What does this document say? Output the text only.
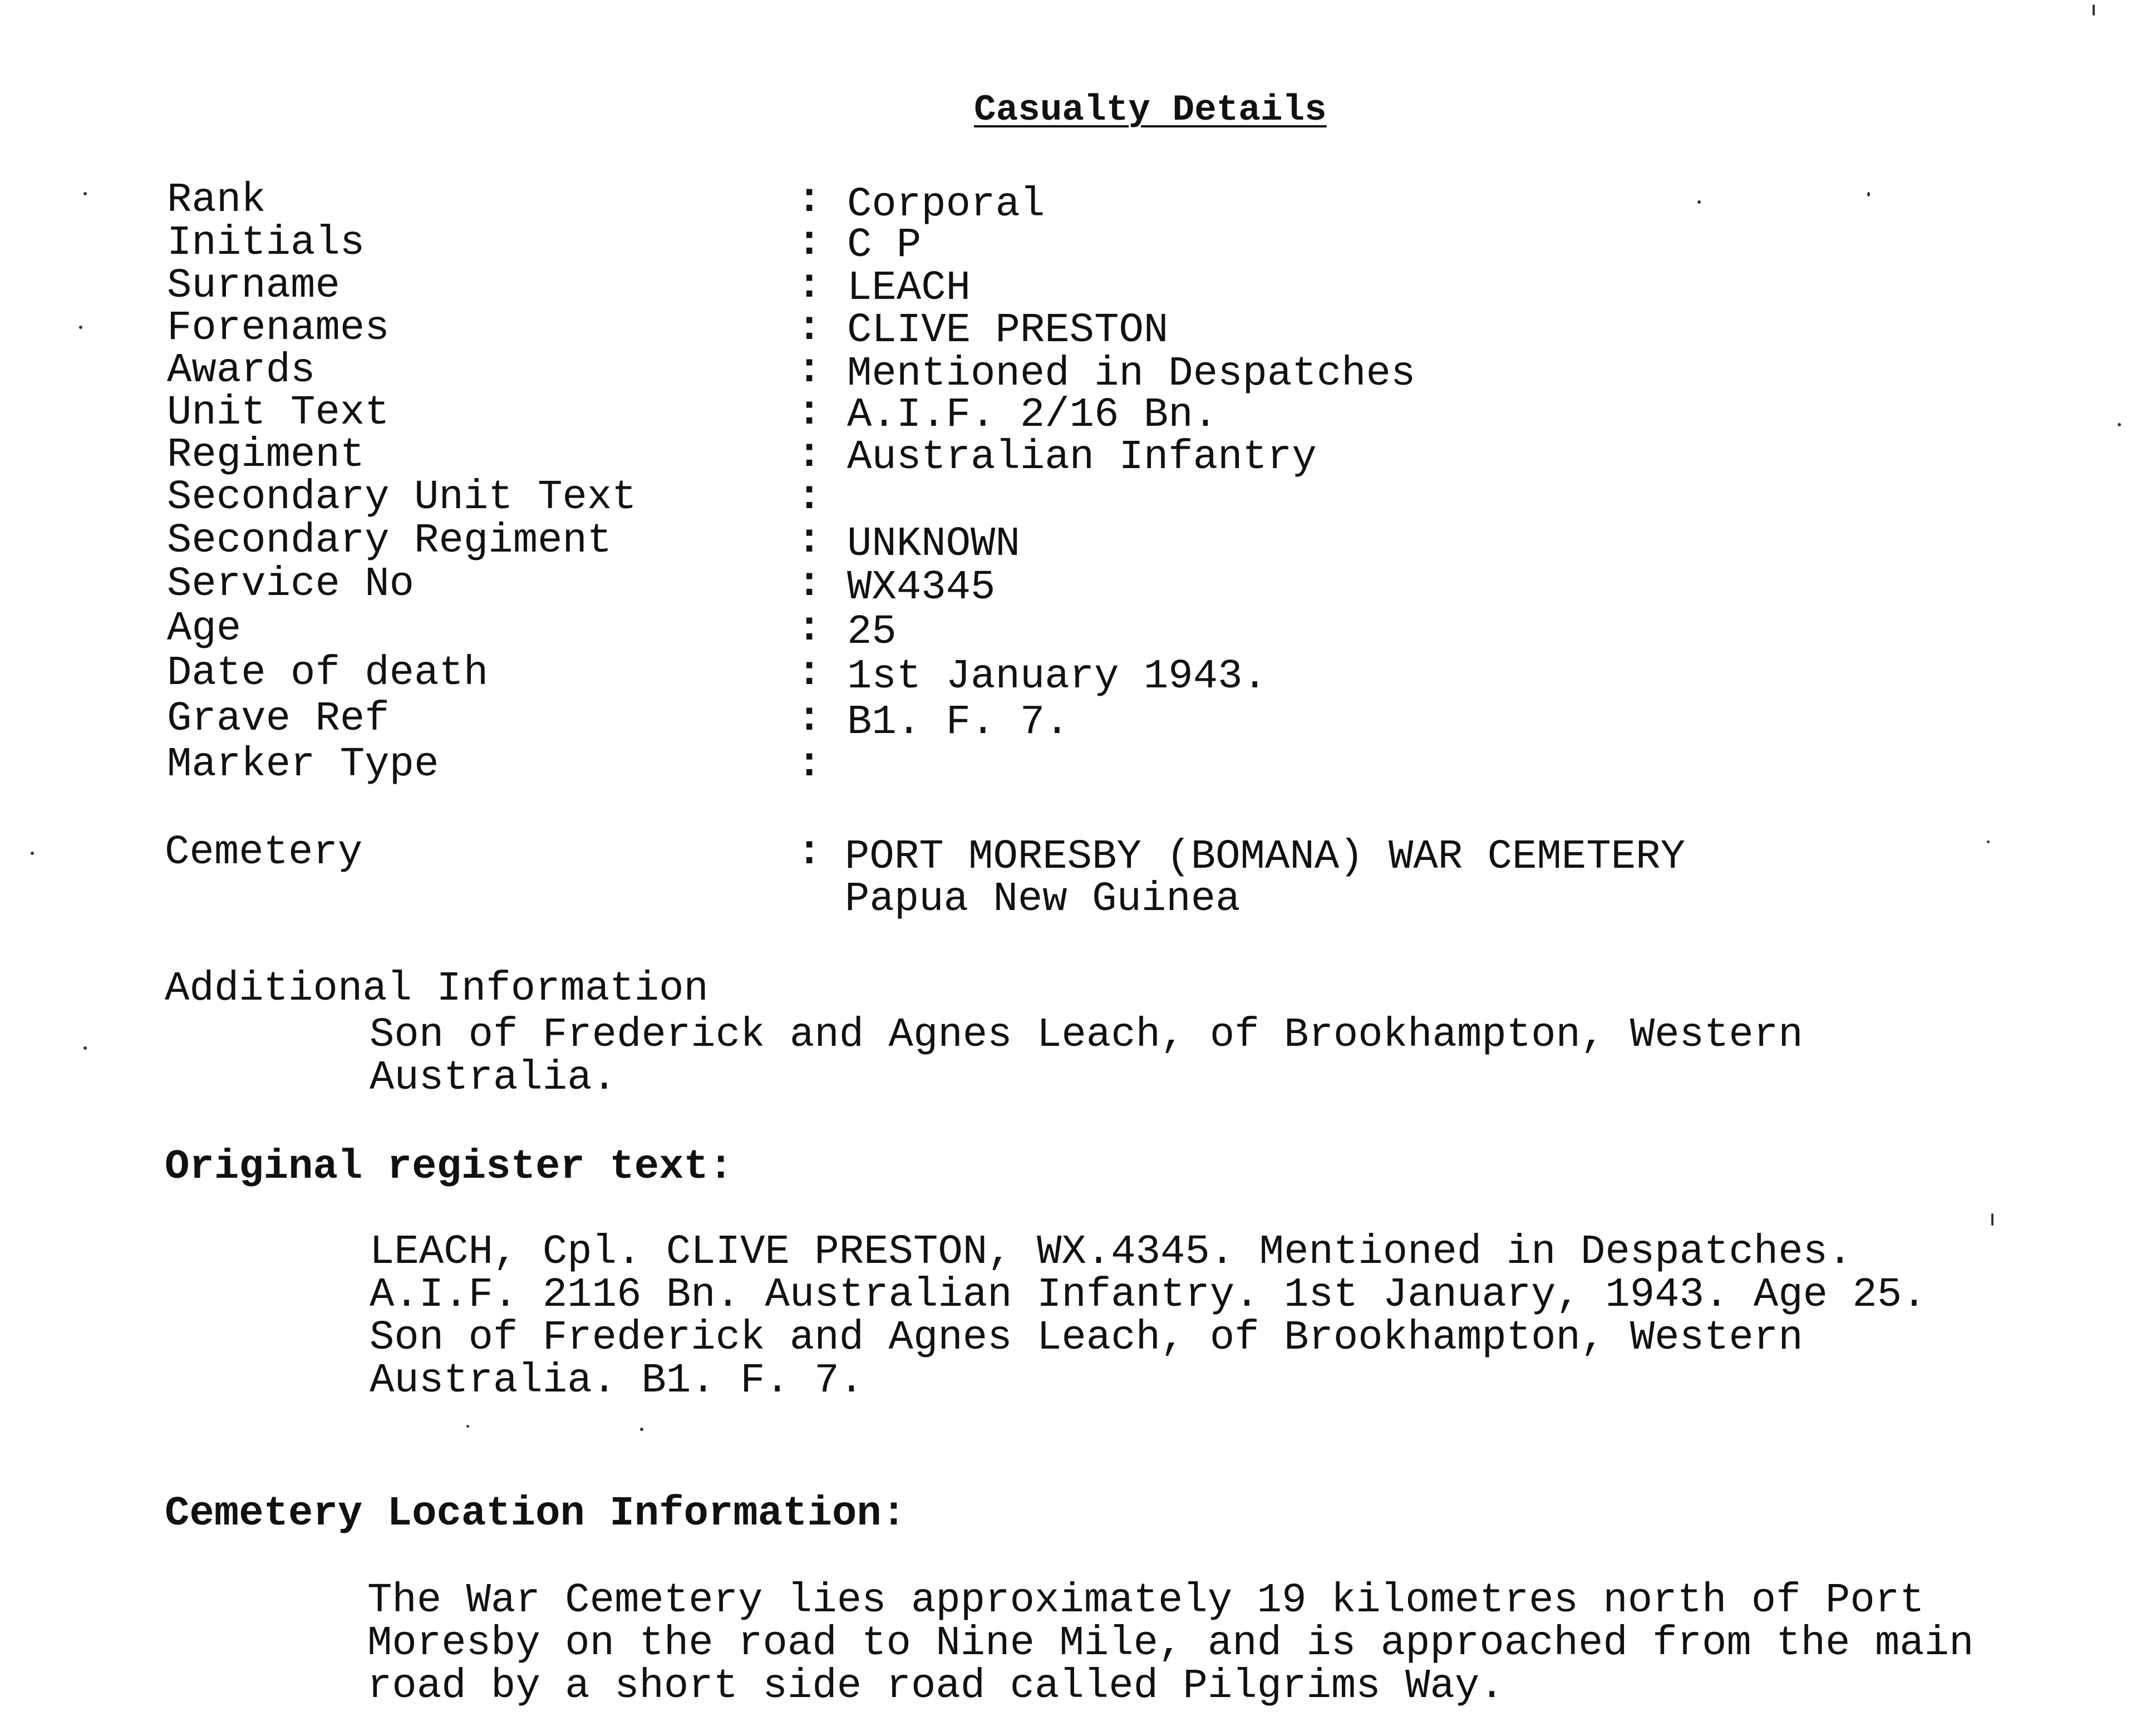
Casualty Details
Rank	: Corporal
Initials	: C P
Surname	: LEACH
Forenames	: CLIVE PRESTON
Awards	: Mentioned in Despatches
Unit Text	: A.I.F. 2/16 Bn.
Regiment	: Australian Infantry
Secondary Unit Text	:
Secondary Regiment	: UNKNOWN
Service No	: WX4345
Age	: 25
Date of death	: 1st January 1943.
Grave Ref	: B1. F. 7.
Marker Type	:
Cemetery	: PORT MORESBY (BOMANA) WAR CEMETERY
Papua New Guinea
Additional Information
Son of Frederick and Agnes Leach, of Brookhampton, Western
Australia.
Original register text:
LEACH, Cpl. CLIVE PRESTON, WX.4345. Mentioned in Despatches.
A.I.F. 2116 Bn. Australian Infantry. 1st January, 1943. Age 25.
Son of Frederick and Agnes Leach, of Brookhampton, Western
Australia. B1. F. 7.
Cemetery Location Information:
The War Cemetery lies approximately 19 kilometres north of Port
Moresby on the road to Nine Mile, and is approached from the main
road by a short side road called Pilgrims Way.
